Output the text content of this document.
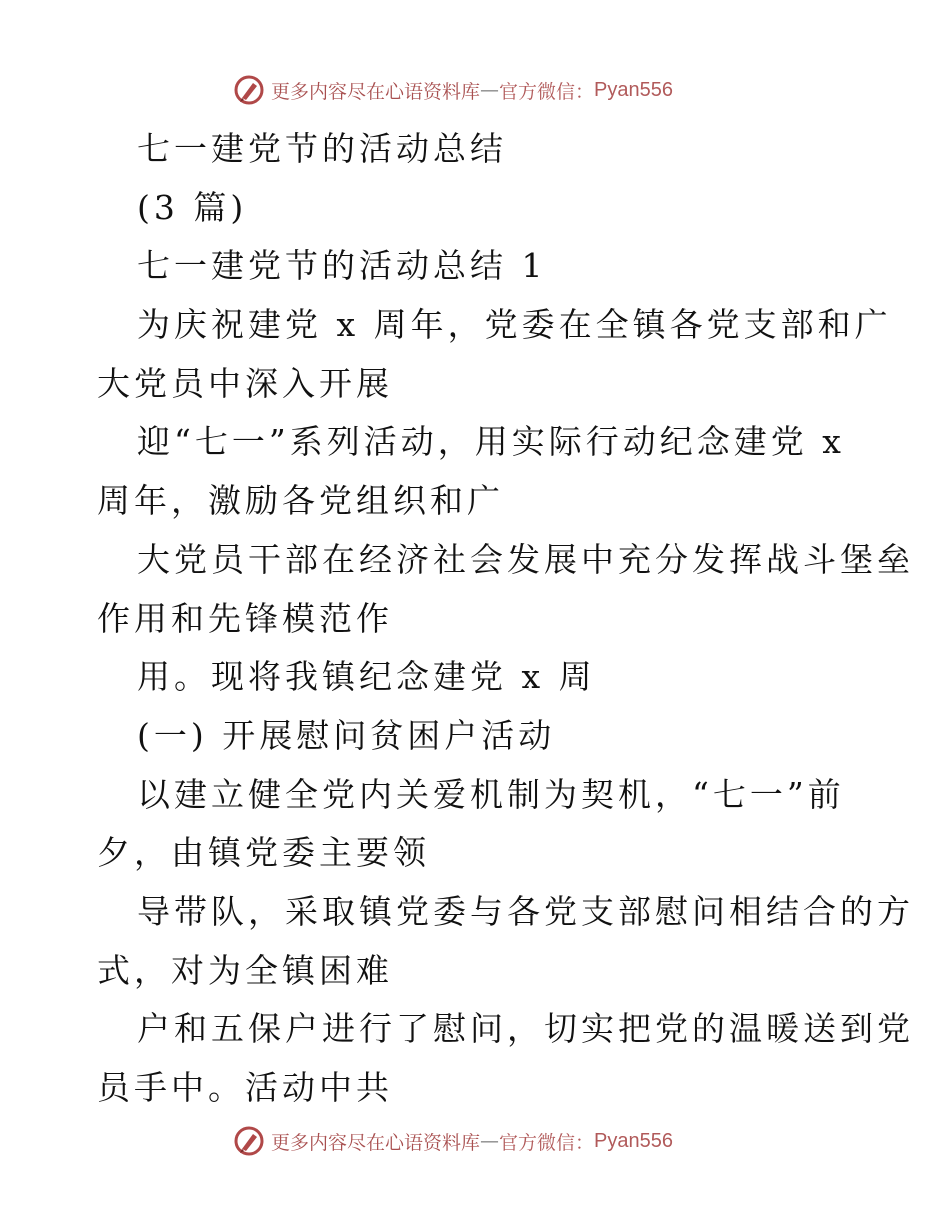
更多内容尽在心语资料库 — 官方微信： Pyan556
七一建党节的活动总结
(3 篇)
七一建党节的活动总结 1
为庆祝建党 x 周年，党委在全镇各党支部和广
大党员中深入开展
迎“七一”系列活动，用实际行动纪念建党 x
周年，激励各党组织和广
大党员干部在经济社会发展中充分发挥战斗堡垒
作用和先锋模范作
用。现将我镇纪念建党 x 周
(一) 开展慰问贫困户活动
以建立健全党内关爱机制为契机，“七一”前
夕，由镇党委主要领
导带队，采取镇党委与各党支部慰问相结合的方
式，对为全镇困难
户和五保户进行了慰问，切实把党的温暖送到党
员手中。活动中共
更多内容尽在心语资料库 — 官方微信： Pyan556
